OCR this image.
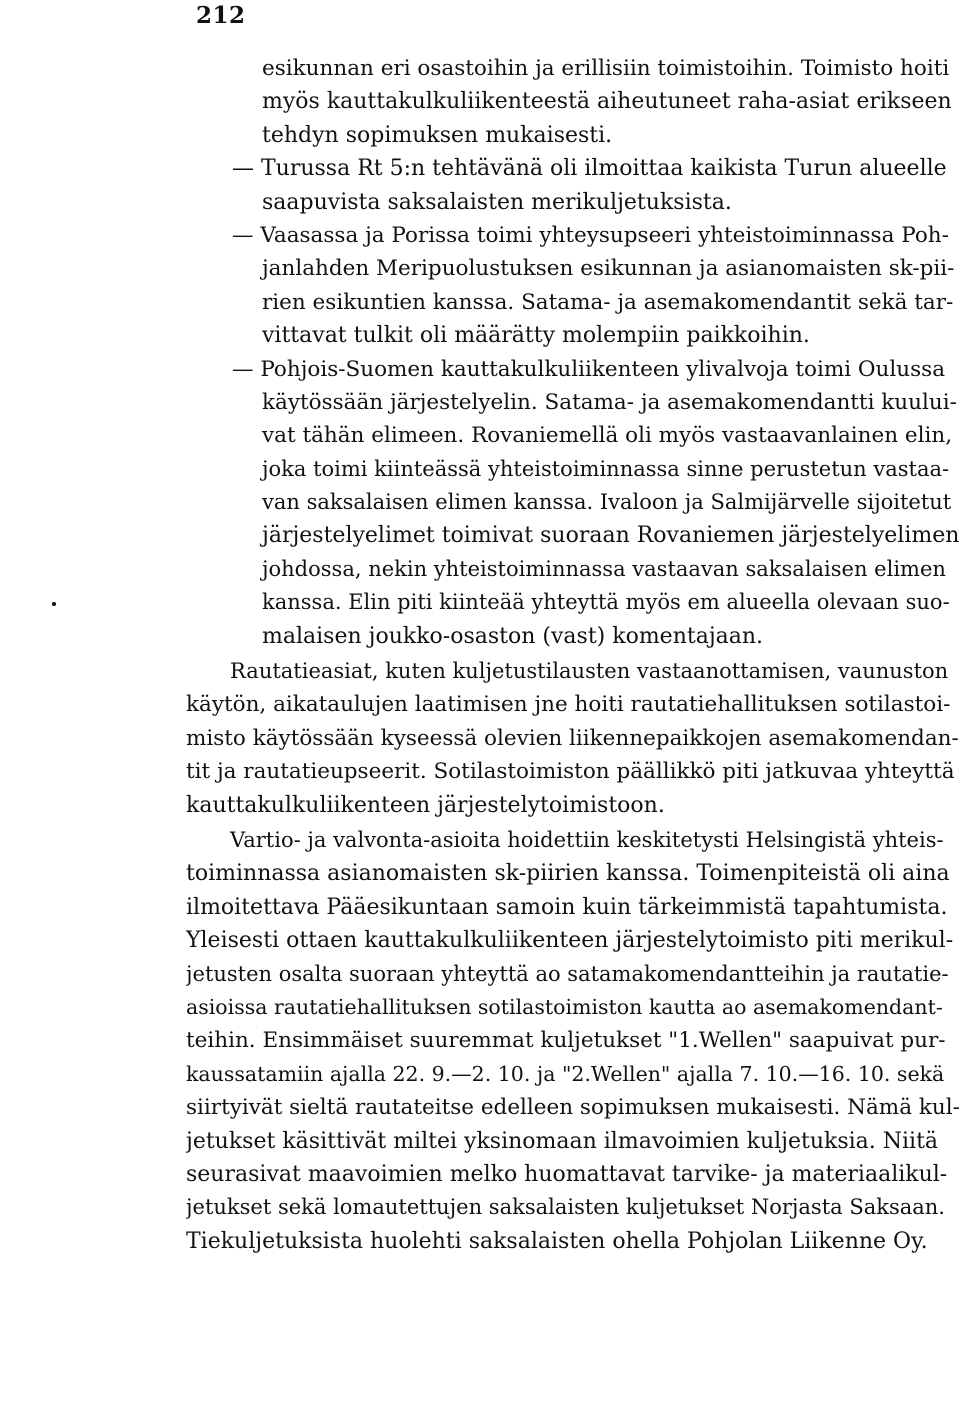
212
esikunnan eri osastoihin ja erillisiin toimistoihin. Toimisto hoiti
myös kauttakulkuliikenteestä aiheutuneet raha-asiat erikseen
tehdyn sopimuksen mukaisesti.
— Turussa Rt 5:n tehtävänä oli ilmoittaa kaikista Turun alueelle
saapuvista saksalaisten merikuljetuksista.
— Vaasassa ja Porissa toimi yhteysupseeri yhteistoiminnassa Poh-
janlahden Meripuolustuksen esikunnan ja asianomaisten sk-pii-
rien esikuntien kanssa. Satama- ja asemakomendantit sekä tar-
vittavat tulkit oli määrätty molempiin paikkoihin.
— Pohjois-Suomen kauttakulkuliikenteen ylivalvoja toimi Oulussa
käytössään järjestelyelin. Satama- ja asemakomendantti kuului-
vat tähän elimeen. Rovaniemellä oli myös vastaavanlainen elin,
joka toimi kiinteässä yhteistoiminnassa sinne perustetun vastaa-
van saksalaisen elimen kanssa. Ivaloon ja Salmijärvelle sijoitetut
järjestelyelimet toimivat suoraan Rovaniemen järjestelyelimen
johdossa, nekin yhteistoiminnassa vastaavan saksalaisen elimen
kanssa. Elin piti kiinteää yhteyttä myös em alueella olevaan suo-
malaisen joukko-osaston (vast) komentajaan.
Rautatieasiat, kuten kuljetustilausten vastaanottamisen, vaunuston
käytön, aikataulujen laatimisen jne hoiti rautatiehallituksen sotilastoi-
misto käytössään kyseessä olevien liikennepaikkojen asemakomendan-
tit ja rautatieupseerit. Sotilastoimiston päällikkö piti jatkuvaa yhteyttä
kauttakulkuliikenteen järjestelytoimistoon.
Vartio- ja valvonta-asioita hoidettiin keskitetysti Helsingistä yhteis-
toiminnassa asianomaisten sk-piirien kanssa. Toimenpiteistä oli aina
ilmoitettava Pääesikuntaan samoin kuin tärkeimmistä tapahtumista.
Yleisesti ottaen kauttakulkuliikenteen järjestelytoimisto piti merikul-
jetusten osalta suoraan yhteyttä ao satamakomendantteihin ja rautatie-
asioissa rautatiehallituksen sotilastoimiston kautta ao asemakomendant-
teihin. Ensimmäiset suuremmat kuljetukset "1.Wellen" saapuivat pur-
kaussatamiin ajalla 22. 9.—2. 10. ja "2.Wellen" ajalla 7. 10.—16. 10. sekä
siirtyivät sieltä rautateitse edelleen sopimuksen mukaisesti. Nämä kul-
jetukset käsittivät miltei yksinomaan ilmavoimien kuljetuksia. Niitä
seurasivat maavoimien melko huomattavat tarvike- ja materiaalikul-
jetukset sekä lomautettujen saksalaisten kuljetukset Norjasta Saksaan.
Tiekuljetuksista huolehti saksalaisten ohella Pohjolan Liikenne Oy.
